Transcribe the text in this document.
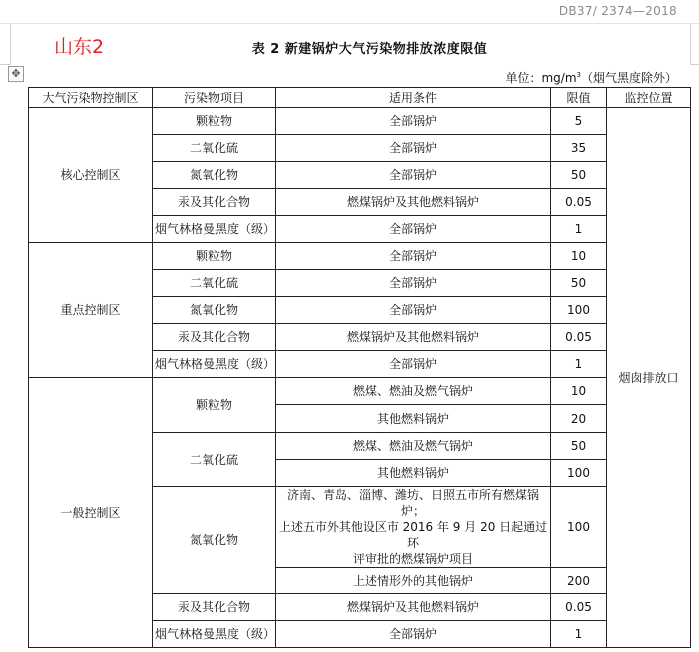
DB37/ 2374—2018
山东2	表 2 新建锅炉大气污染物排放浓度限值
✥	单位：$mg/m^3$（烟气黑度除外）
大气污染物控制区	污染物项目	适用条件	限值	监控位置
核心控制区	颗粒物	全部锅炉	5	烟囱排放口
	二氧化硫	全部锅炉	35	
	氮氧化物	全部锅炉	50	
	汞及其化合物	燃煤锅炉及其他燃料锅炉	0.05	
	烟气林格曼黑度（级）	全部锅炉	1	
重点控制区	颗粒物	全部锅炉	10	
	二氧化硫	全部锅炉	50	
	氮氧化物	全部锅炉	100	
	汞及其化合物	燃煤锅炉及其他燃料锅炉	0.05	
	烟气林格曼黑度（级）	全部锅炉	1	
一般控制区	颗粒物	燃煤、燃油及燃气锅炉	10	
		其他燃料锅炉	20	
	二氧化硫	燃煤、燃油及燃气锅炉	50	
		其他燃料锅炉	100	
	氮氧化物	济南、青岛、淄博、潍坊、日照五市所有燃煤锅炉；
上述五市外其他设区市 2016 年 9 月 20 日起通过环
评审批的燃煤锅炉项目	100	
		上述情形外的其他锅炉	200	
	汞及其化合物	燃煤锅炉及其他燃料锅炉	0.05	
	烟气林格曼黑度（级）	全部锅炉	1	
